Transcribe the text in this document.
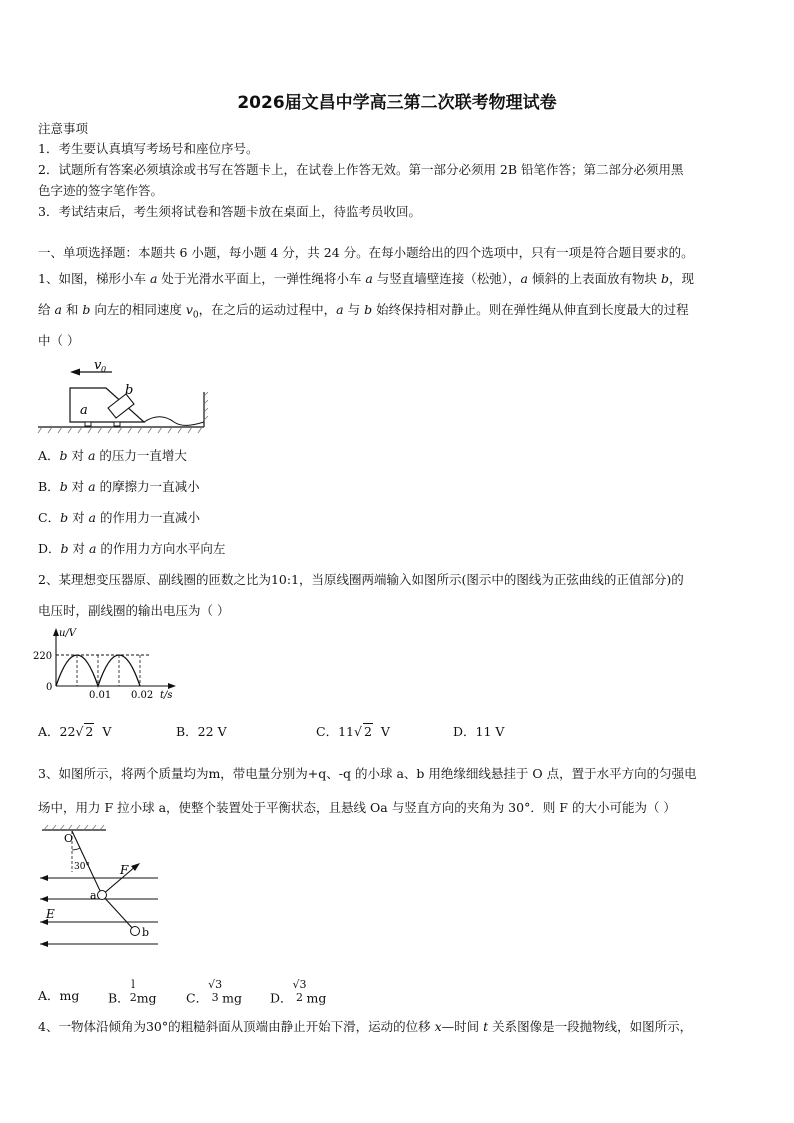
2026届文昌中学高三第二次联考物理试卷
注意事项
1．考生要认真填写考场号和座位序号。
2．试题所有答案必须填涂或书写在答题卡上，在试卷上作答无效。第一部分必须用 2B 铅笔作答；第二部分必须用黑
色字迹的签字笔作答。
3．考试结束后，考生须将试卷和答题卡放在桌面上，待监考员收回。
一、单项选择题：本题共 6 小题，每小题 4 分，共 24 分。在每小题给出的四个选项中，只有一项是符合题目要求的。
1、如图，梯形小车 a 处于光滑水平面上，一弹性绳将小车 a 与竖直墙壁连接（松弛），a 倾斜的上表面放有物块 b，现
给 a 和 b 向左的相同速度 $v_0$，在之后的运动过程中，a 与 b 始终保持相对静止。则在弹性绳从伸直到长度最大的过程
中（ ）
v 0
a
b
A．b 对 a 的压力一直增大
B．b 对 a 的摩擦力一直减小
C．b 对 a 的作用力一直减小
D．b 对 a 的作用力方向水平向左
2、某理想变压器原、副线圈的匝数之比为10:1，当原线圈两端输入如图所示(图示中的图线为正弦曲线的正值部分)的
电压时，副线圈的输出电压为（ ）
u/V
220
0
0.01 0.02 t/s
A．22√ 2 V	B．22 V	C．11√ 2 V	D．11 V
3、如图所示，将两个质量均为m，带电量分别为+q、-q 的小球 a、b 用绝缘细线悬挂于 O 点，置于水平方向的匀强电
场中，用力 F 拉小球 a，使整个装置处于平衡状态，且悬线 Oa 与竖直方向的夹角为 30°．则 F 的大小可能为（ ）
O
30°	F
a
E
b
A．mg B．
l
2 mg C．
√3
3 mg D．
√3
2 mg
4、一物体沿倾角为30°的粗糙斜面从顶端由静止开始下滑，运动的位移 x—时间 t 关系图像是一段抛物线，如图所示，
